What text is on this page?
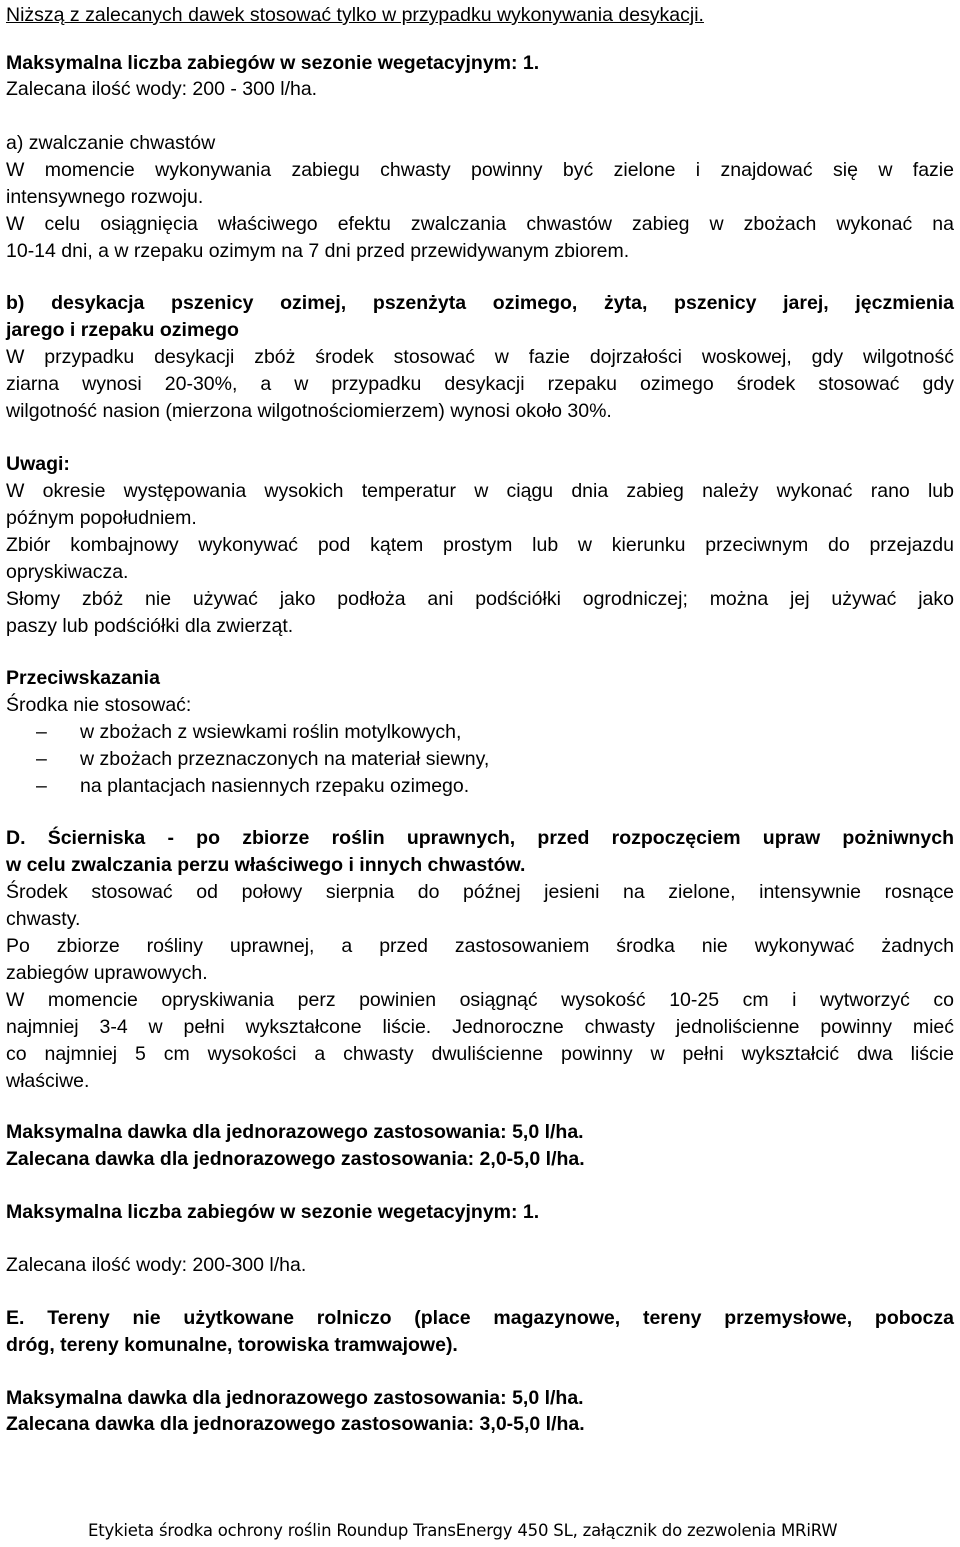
Niższą z zalecanych dawek stosować tylko w przypadku wykonywania desykacji.
Maksymalna liczba zabiegów w sezonie wegetacyjnym: 1.
Zalecana ilość wody: 200 - 300 l/ha.
a) zwalczanie chwastów
W momencie wykonywania zabiegu chwasty powinny być zielone i znajdować się w fazie
intensywnego rozwoju.
W celu osiągnięcia właściwego efektu zwalczania chwastów zabieg w zbożach wykonać na
10-14 dni, a w rzepaku ozimym na 7 dni przed przewidywanym zbiorem.
b) desykacja pszenicy ozimej, pszenżyta ozimego, żyta, pszenicy jarej, jęczmienia
jarego i rzepaku ozimego
W przypadku desykacji zbóż środek stosować w fazie dojrzałości woskowej, gdy wilgotność
ziarna wynosi 20-30%, a w przypadku desykacji rzepaku ozimego środek stosować gdy
wilgotność nasion (mierzona wilgotnościomierzem) wynosi około 30%.
Uwagi:
W okresie występowania wysokich temperatur w ciągu dnia zabieg należy wykonać rano lub
późnym popołudniem.
Zbiór kombajnowy wykonywać pod kątem prostym lub w kierunku przeciwnym do przejazdu
opryskiwacza.
Słomy zbóż nie używać jako podłoża ani podściółki ogrodniczej; można jej używać jako
paszy lub podściółki dla zwierząt.
Przeciwskazania
Środka nie stosować:
– w zbożach z wsiewkami roślin motylkowych,
– w zbożach przeznaczonych na materiał siewny,
– na plantacjach nasiennych rzepaku ozimego.
D. Ścierniska - po zbiorze roślin uprawnych, przed rozpoczęciem upraw pożniwnych
w celu zwalczania perzu właściwego i innych chwastów.
Środek stosować od połowy sierpnia do późnej jesieni na zielone, intensywnie rosnące
chwasty.
Po zbiorze rośliny uprawnej, a przed zastosowaniem środka nie wykonywać żadnych
zabiegów uprawowych.
W momencie opryskiwania perz powinien osiągnąć wysokość 10-25 cm i wytworzyć co
najmniej 3-4 w pełni wykształcone liście. Jednoroczne chwasty jednoliścienne powinny mieć
co najmniej 5 cm wysokości a chwasty dwuliścienne powinny w pełni wykształcić dwa liście
właściwe.
Maksymalna dawka dla jednorazowego zastosowania: 5,0 l/ha.
Zalecana dawka dla jednorazowego zastosowania: 2,0-5,0 l/ha.
Maksymalna liczba zabiegów w sezonie wegetacyjnym: 1.
Zalecana ilość wody: 200-300 l/ha.
E. Tereny nie użytkowane rolniczo (place magazynowe, tereny przemysłowe, pobocza
dróg, tereny komunalne, torowiska tramwajowe).
Maksymalna dawka dla jednorazowego zastosowania: 5,0 l/ha.
Zalecana dawka dla jednorazowego zastosowania: 3,0-5,0 l/ha.
Etykieta środka ochrony roślin Roundup TransEnergy 450 SL, załącznik do zezwolenia MRiRW
